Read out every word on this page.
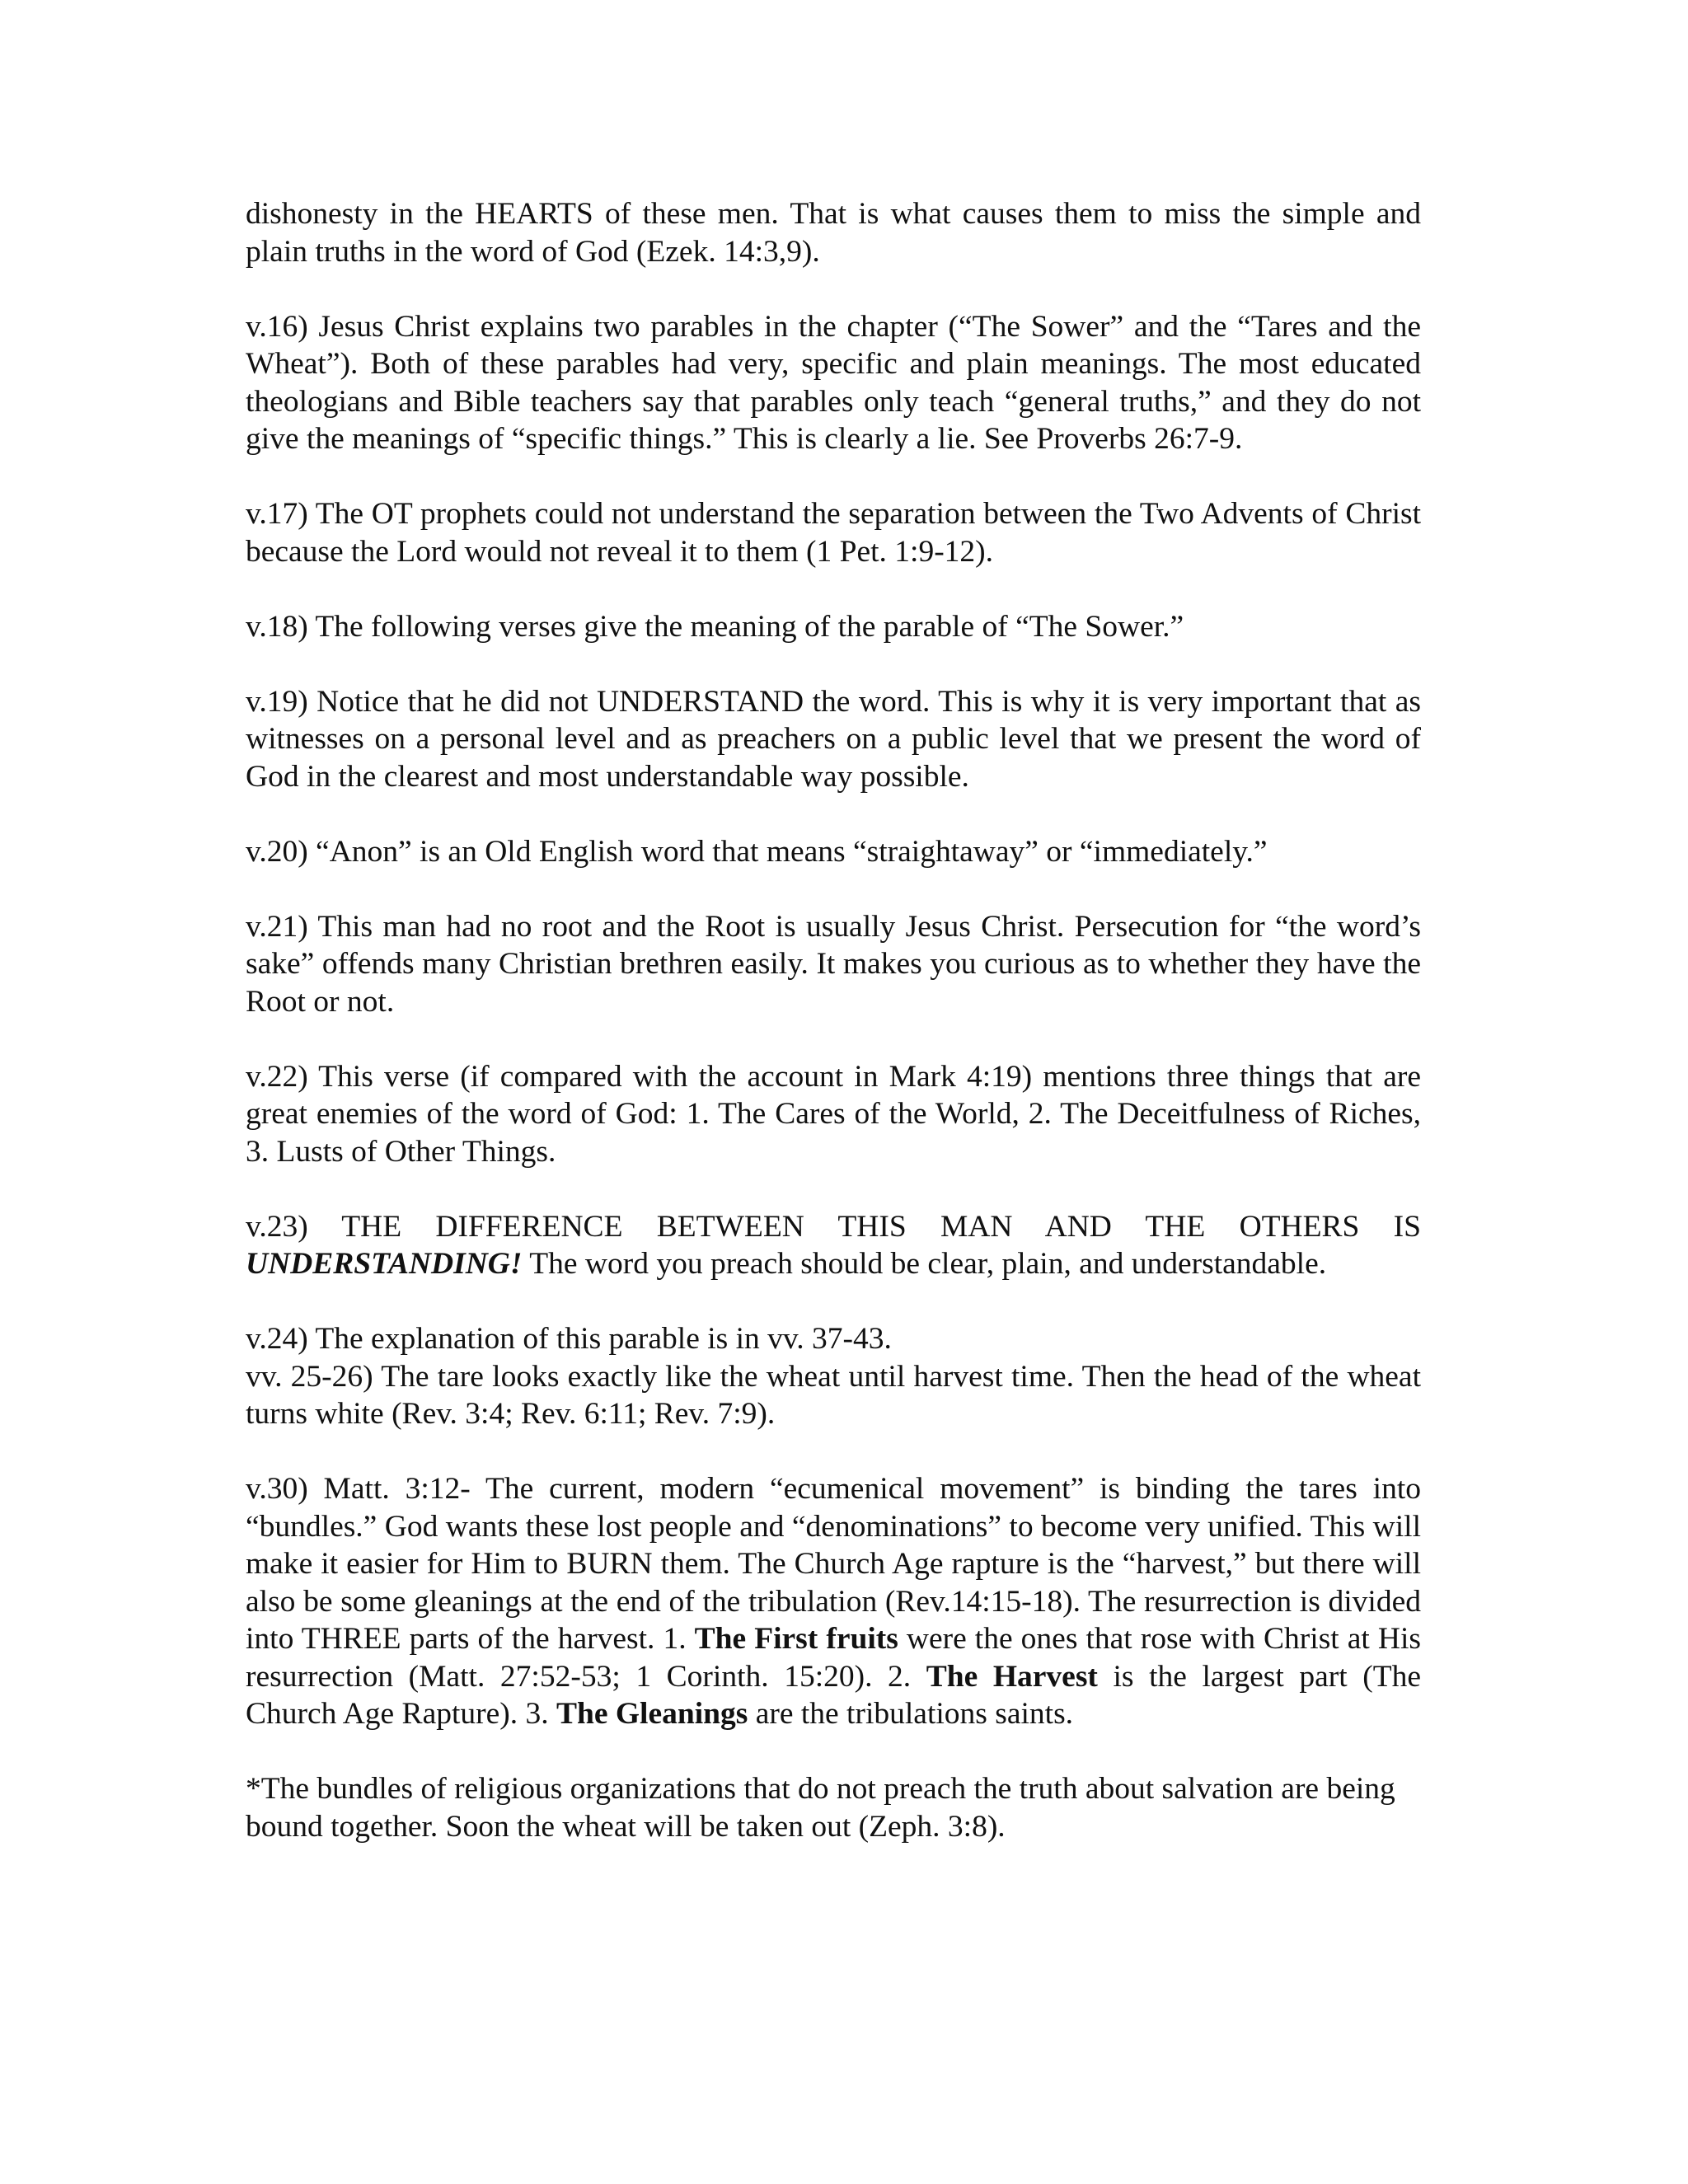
dishonesty in the HEARTS of these men. That is what causes them to miss the simple and plain truths in the word of God (Ezek. 14:3,9).

v.16) Jesus Christ explains two parables in the chapter (“The Sower” and the “Tares and the Wheat”). Both of these parables had very, specific and plain meanings. The most educated theologians and Bible teachers say that parables only teach “general truths,” and they do not give the meanings of “specific things.” This is clearly a lie. See Proverbs 26:7-9.

v.17) The OT prophets could not understand the separation between the Two Advents of Christ because the Lord would not reveal it to them (1 Pet. 1:9-12).

v.18) The following verses give the meaning of the parable of “The Sower.”

v.19) Notice that he did not UNDERSTAND the word. This is why it is very important that as witnesses on a personal level and as preachers on a public level that we present the word of God in the clearest and most understandable way possible.

v.20) “Anon” is an Old English word that means “straightaway” or “immediately.”

v.21) This man had no root and the Root is usually Jesus Christ. Persecution for “the word’s sake” offends many Christian brethren easily. It makes you curious as to whether they have the Root or not.

v.22) This verse (if compared with the account in Mark 4:19) mentions three things that are great enemies of the word of God: 1. The Cares of the World, 2. The Deceitfulness of Riches, 3. Lusts of Other Things.

v.23) THE DIFFERENCE BETWEEN THIS MAN AND THE OTHERS IS UNDERSTANDING! The word you preach should be clear, plain, and understandable.

v.24) The explanation of this parable is in vv. 37-43.

vv. 25-26) The tare looks exactly like the wheat until harvest time. Then the head of the wheat turns white (Rev. 3:4; Rev. 6:11; Rev. 7:9).

v.30) Matt. 3:12- The current, modern “ecumenical movement” is binding the tares into “bundles.” God wants these lost people and “denominations” to become very unified. This will make it easier for Him to BURN them. The Church Age rapture is the “harvest,” but there will also be some gleanings at the end of the tribulation (Rev.14:15-18). The resurrection is divided into THREE parts of the harvest. 1. The First fruits were the ones that rose with Christ at His resurrection (Matt. 27:52-53; 1 Corinth. 15:20). 2. The Harvest is the largest part (The Church Age Rapture). 3. The Gleanings are the tribulations saints.

*The bundles of religious organizations that do not preach the truth about salvation are being bound together. Soon the wheat will be taken out (Zeph. 3:8).
